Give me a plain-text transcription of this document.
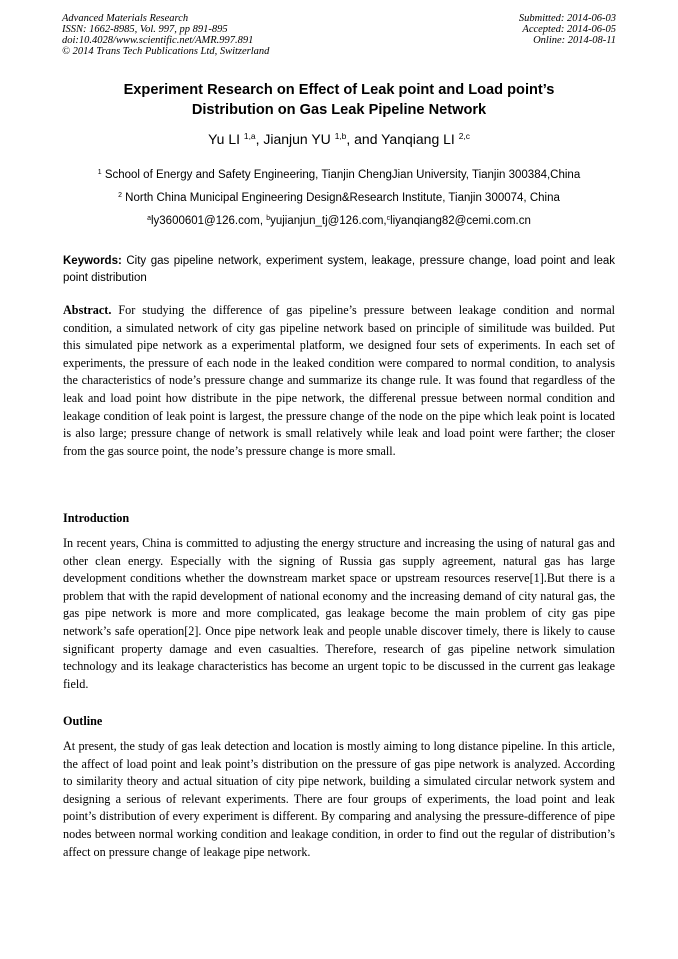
Advanced Materials Research
ISSN: 1662-8985, Vol. 997, pp 891-895
doi:10.4028/www.scientific.net/AMR.997.891
© 2014 Trans Tech Publications Ltd, Switzerland
Submitted: 2014-06-03
Accepted: 2014-06-05
Online: 2014-08-11
Experiment Research on Effect of Leak point and Load point’s
Distribution on Gas Leak Pipeline Network
Yu LI $^{1,a}$, Jianjun YU $^{1,b}$, and Yanqiang LI $^{2,c}$
$^1$ School of Energy and Safety Engineering, Tianjin ChengJian University, Tianjin 300384,China
$^2$ North China Municipal Engineering Design&Research Institute, Tianjin 300074, China
$^a$ly3600601@126.com, $^b$yujianjun_tj@126.com,$^c$liyanqiang82@cemi.com.cn
Keywords: City gas pipeline network, experiment system, leakage, pressure change, load point and leak point distribution
Abstract. For studying the difference of gas pipeline’s pressure between leakage condition and normal condition, a simulated network of city gas pipeline network based on principle of similitude was builded. Put this simulated pipe network as a experimental platform, we designed four sets of experiments. In each set of experiments, the pressure of each node in the leaked condition were compared to normal condition, to analysis the characteristics of node’s pressure change and summarize its change rule. It was found that regardless of the leak and load point how distribute in the pipe network, the differenal pressue between normal condition and leakage condition of leak point is largest, the pressure change of the node on the pipe which leak point is located is also large; pressure change of network is small relatively while leak and load point were farther; the closer from the gas source point, the node’s pressure change is more small.
Introduction
In recent years, China is committed to adjusting the energy structure and increasing the using of natural gas and other clean energy. Especially with the signing of Russia gas supply agreement, natural gas has large development conditions whether the downstream market space or upstream resources reserve[1].But there is a problem that with the rapid development of national economy and the increasing demand of city natural gas, the gas pipe network is more and more complicated, gas leakage become the main problem of city gas pipe network’s safe operation[2]. Once pipe network leak and people unable discover timely, there is likely to cause significant property damage and even casualties. Therefore, research of gas pipeline network simulation technology and its leakage characteristics has become an urgent topic to be discussed in the current gas leakage field.
Outline
At present, the study of gas leak detection and location is mostly aiming to long distance pipeline. In this article, the affect of load point and leak point’s distribution on the pressure of gas pipe network is analyzed. According to similarity theory and actual situation of city pipe network, building a simulated circular network system and designing a serious of relevant experiments. There are four groups of experiments, the load point and leak point’s distribution of every experiment is different. By comparing and analysing the pressure-difference of pipe nodes between normal working condition and leakage condition, in order to find out the regular of distribution’s affect on pressure change of leakage pipe network.
